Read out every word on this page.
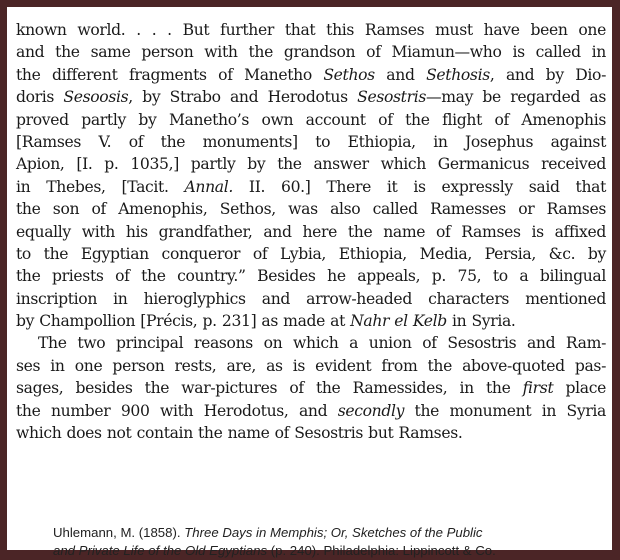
known world. . . . But further that this Ramses must have been one
and the same person with the grandson of Miamun—who is called in
the different fragments of Manetho Sethos and Sethosis, and by Dio-
doris Sesoosis, by Strabo and Herodotus Sesostris—may be regarded as
proved partly by Manetho’s own account of the flight of Amenophis
[Ramses V. of the monuments] to Ethiopia, in Josephus against
Apion, [I. p. 1035,] partly by the answer which Germanicus received
in Thebes, [Tacit. Annal. II. 60.] There it is expressly said that
the son of Amenophis, Sethos, was also called Ramesses or Ramses
equally with his grandfather, and here the name of Ramses is affixed
to the Egyptian conqueror of Lybia, Ethiopia, Media, Persia, &c. by
the priests of the country.” Besides he appeals, p. 75, to a bilingual
inscription in hieroglyphics and arrow-headed characters mentioned
by Champollion [Précis, p. 231] as made at Nahr el Kelb in Syria.
The two principal reasons on which a union of Sesostris and Ram-
ses in one person rests, are, as is evident from the above-quoted pas-
sages, besides the war-pictures of the Ramessides, in the first place
the number 900 with Herodotus, and secondly the monument in Syria
which does not contain the name of Sesostris but Ramses.
Uhlemann, M. (1858). Three Days in Memphis; Or, Sketches of the Public
and Private Life of the Old Egyptians (p. 240). Philadelphia: Lippincott & Co.
